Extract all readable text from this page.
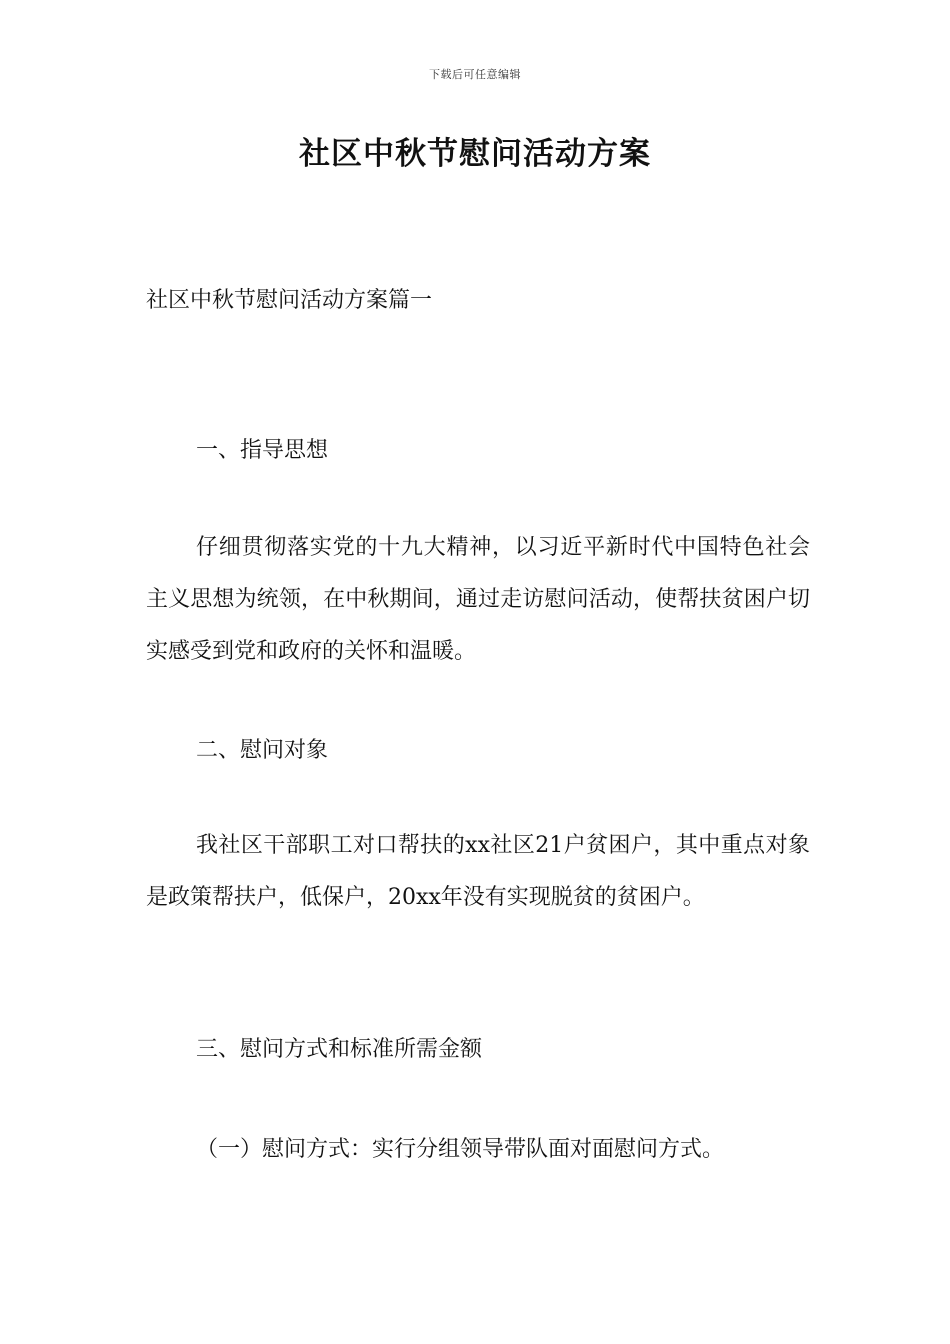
下载后可任意编辑
社区中秋节慰问活动方案
社区中秋节慰问活动方案篇一
一、指导思想

仔细贯彻落实党的十九大精神，以习近平新时代中国特色社会主义思想为统领，在中秋期间，通过走访慰问活动，使帮扶贫困户切实感受到党和政府的关怀和温暖。

二、慰问对象

我社区干部职工对口帮扶的xx社区21户贫困户，其中重点对象是政策帮扶户，低保户，20xx年没有实现脱贫的贫困户。

三、慰问方式和标准所需金额
（一）慰问方式：实行分组领导带队面对面慰问方式。
